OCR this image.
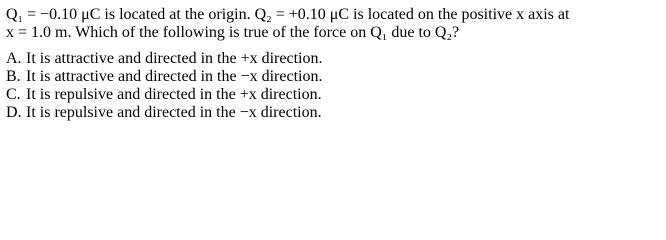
Q₁ = −0.10 μC is located at the origin. Q₂ = +0.10 μC is located on the positive x axis at
x = 1.0 m. Which of the following is true of the force on Q₁ due to Q₂?
A. It is attractive and directed in the +x direction.
B. It is attractive and directed in the −x direction.
C. It is repulsive and directed in the +x direction.
D. It is repulsive and directed in the −x direction.
